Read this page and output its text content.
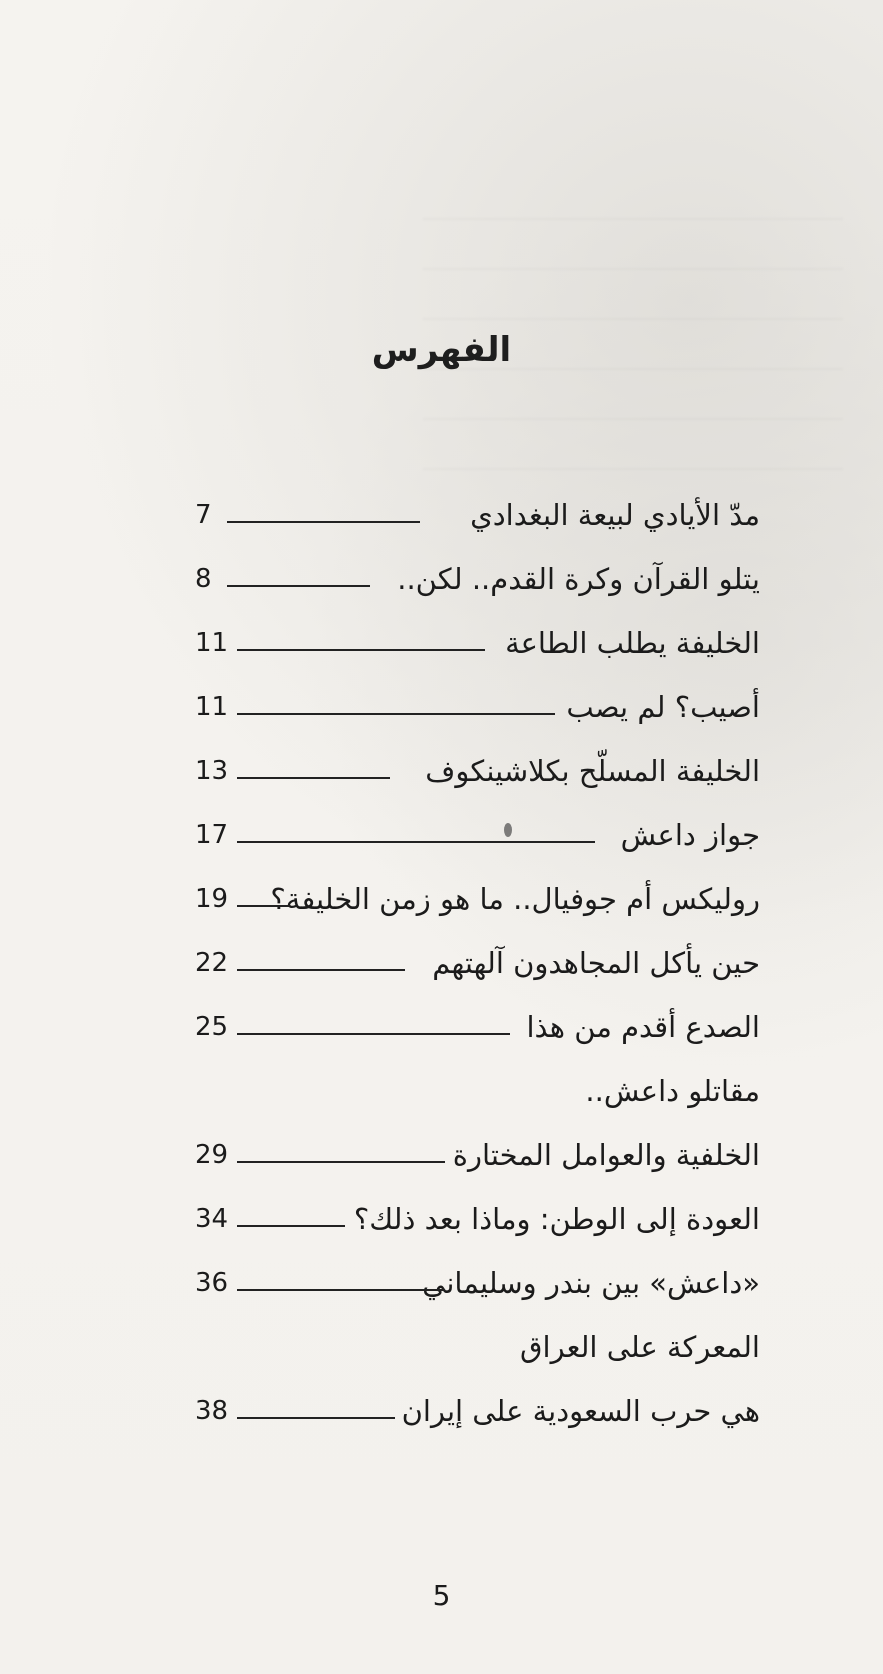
الفهرس
مدّ الأيادي لبيعة البغدادي
7
يتلو القرآن وكرة القدم.. لكن..
8
الخليفة يطلب الطاعة
11
أصيب؟ لم يصب
11
الخليفة المسلّح بكلاشينكوف
13
جواز داعش
17
روليكس أم جوفيال.. ما هو زمن الخليفة؟
19
حين يأكل المجاهدون آلهتهم
22
الصدع أقدم من هذا
25
مقاتلو داعش..
الخلفية والعوامل المختارة
29
العودة إلى الوطن: وماذا بعد ذلك؟
34
«داعش» بين بندر وسليماني
36
المعركة على العراق
هي حرب السعودية على إيران
38
5
